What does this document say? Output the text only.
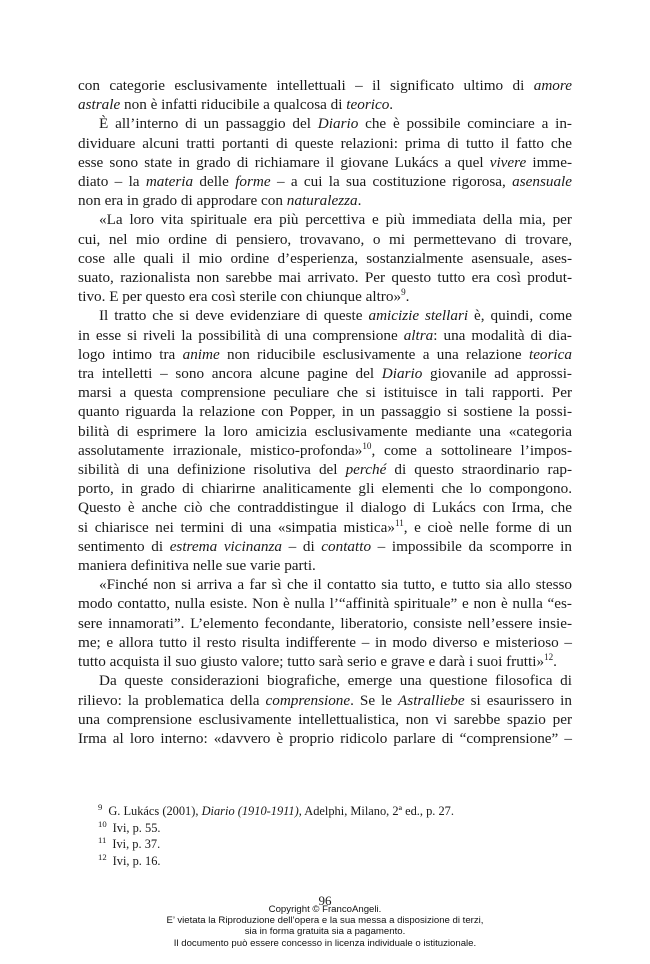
con categorie esclusivamente intellettuali – il significato ultimo di amore
astrale non è infatti riducibile a qualcosa di teorico.
È all’interno di un passaggio del Diario che è possibile cominciare a in-
dividuare alcuni tratti portanti di queste relazioni: prima di tutto il fatto che
esse sono state in grado di richiamare il giovane Lukács a quel vivere imme-
diato – la materia delle forme – a cui la sua costituzione rigorosa, asensuale
non era in grado di approdare con naturalezza.
«La loro vita spirituale era più percettiva e più immediata della mia, per
cui, nel mio ordine di pensiero, trovavano, o mi permettevano di trovare,
cose alle quali il mio ordine d’esperienza, sostanzialmente asensuale, ases-
suato, razionalista non sarebbe mai arrivato. Per questo tutto era così produt-
tivo. E per questo era così sterile con chiunque altro»$^9$.
Il tratto che si deve evidenziare di queste amicizie stellari è, quindi, come
in esse si riveli la possibilità di una comprensione altra: una modalità di dia-
logo intimo tra anime non riducibile esclusivamente a una relazione teorica
tra intelletti – sono ancora alcune pagine del Diario giovanile ad approssi-
marsi a questa comprensione peculiare che si istituisce in tali rapporti. Per
quanto riguarda la relazione con Popper, in un passaggio si sostiene la possi-
bilità di esprimere la loro amicizia esclusivamente mediante una «categoria
assolutamente irrazionale, mistico-profonda»$^{10}$, come a sottolineare l’impos-
sibilità di una definizione risolutiva del perché di questo straordinario rap-
porto, in grado di chiarirne analiticamente gli elementi che lo compongono.
Questo è anche ciò che contraddistingue il dialogo di Lukács con Irma, che
si chiarisce nei termini di una «simpatia mistica»$^{11}$, e cioè nelle forme di un
sentimento di estrema vicinanza – di contatto – impossibile da scomporre in
maniera definitiva nelle sue varie parti.
«Finché non si arriva a far sì che il contatto sia tutto, e tutto sia allo stesso
modo contatto, nulla esiste. Non è nulla l’“affinità spirituale” e non è nulla “es-
sere innamorati”. L’elemento fecondante, liberatorio, consiste nell’essere insie-
me; e allora tutto il resto risulta indifferente – in modo diverso e misterioso –
tutto acquista il suo giusto valore; tutto sarà serio e grave e darà i suoi frutti»$^{12}$.
Da queste considerazioni biografiche, emerge una questione filosofica di
rilievo: la problematica della comprensione. Se le Astralliebe si esaurissero in
una comprensione esclusivamente intellettualistica, non vi sarebbe spazio per
Irma al loro interno: «davvero è proprio ridicolo parlare di “comprensione” –
$^9$ G. Lukács (2001), Diario (1910-1911), Adelphi, Milano, 2ª ed., p. 27.
$^{10}$ Ivi, p. 55.
$^{11}$ Ivi, p. 37.
$^{12}$ Ivi, p. 16.
96
Copyright © FrancoAngeli.
E’ vietata la Riproduzione dell’opera e la sua messa a disposizione di terzi,
sia in forma gratuita sia a pagamento.
Il documento può essere concesso in licenza individuale o istituzionale.
